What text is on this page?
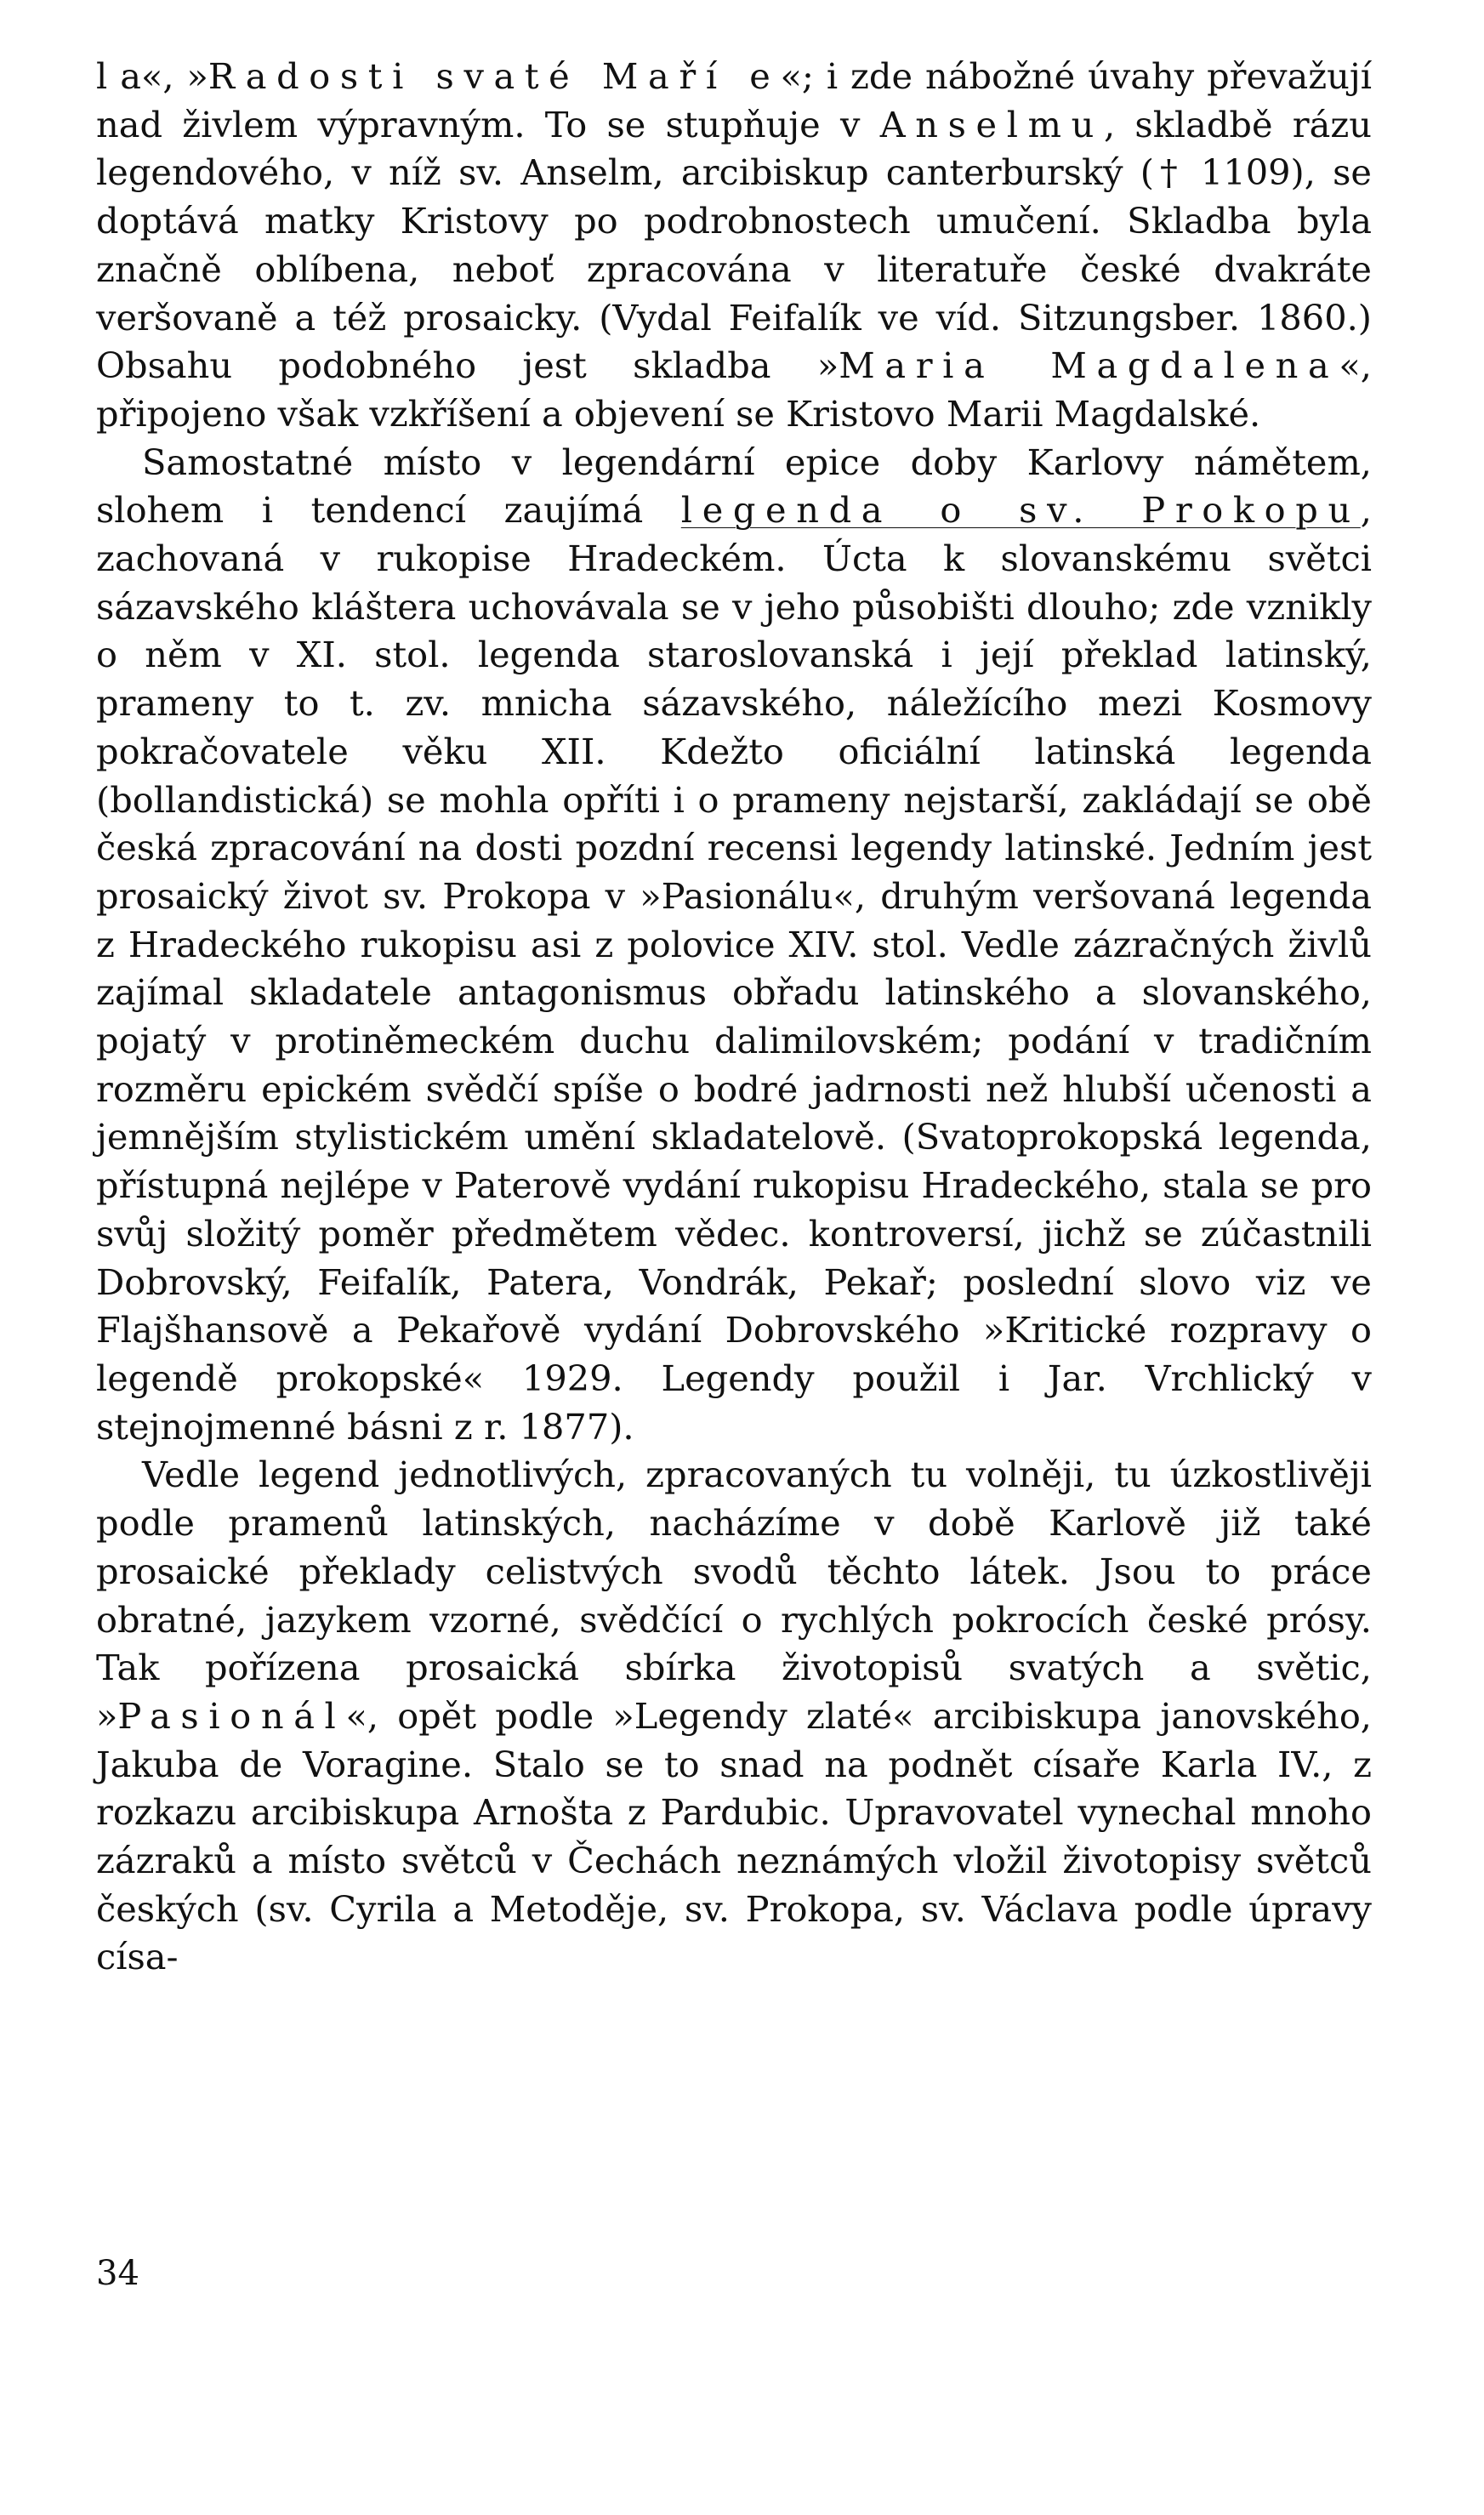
l a«, »Radosti svaté Maří e«; i zde nábožné úvahy převažují nad živlem výpravným. To se stupňuje v Anselmu, skladbě rázu legendového, v níž sv. Anselm, arcibiskup canterburský († 1109), se doptává matky Kristovy po podrobnostech umučení. Skladba byla značně oblíbena, neboť zpracována v literatuře české dvakráte veršovaně a též prosaicky. (Vydal Feifalík ve víd. Sitzungsber. 1860.) Obsahu podobného jest skladba »Maria Magdalena«, připojeno však vzkříšení a objevení se Kristovo Marii Magdalské.

Samostatné místo v legendární epice doby Karlovy námětem, slohem i tendencí zaujímá legenda o sv. Prokopu, zachovaná v rukopise Hradeckém. Úcta k slovanskému světci sázavského kláštera uchovávala se v jeho působišti dlouho; zde vznikly o něm v XI. stol. legenda staroslovanská i její překlad latinský, prameny to t. zv. mnicha sázavského, náležícího mezi Kosmovy pokračovatele věku XII. Kdežto oficiální latinská legenda (bollandistická) se mohla opříti i o prameny nejstarší, zakládají se obě česká zpracování na dosti pozdní recensi legendy latinské. Jedním jest prosaický život sv. Prokopa v »Pasionálu«, druhým veršovaná legenda z Hradeckého rukopisu asi z polovice XIV. stol. Vedle zázračných živlů zajímal skladatele antagonismus obřadu latinského a slovanského, pojatý v protiněmeckém duchu dalimilovském; podání v tradičním rozměru epickém svědčí spíše o bodré jadrnosti než hlubší učenosti a jemnějším stylistickém umění skladatelově. (Svatoprokopská legenda, přístupná nejlépe v Paterově vydání rukopisu Hradeckého, stala se pro svůj složitý poměr předmětem vědec. kontroversí, jichž se zúčastnili Dobrovský, Feifalík, Patera, Vondrák, Pekař; poslední slovo viz ve Flajšhansově a Pekařově vydání Dobrovského »Kritické rozpravy o legendě prokopské« 1929. Legendy použil i Jar. Vrchlický v stejnojmenné básni z r. 1877).

Vedle legend jednotlivých, zpracovaných tu volněji, tu úzkostlivěji podle pramenů latinských, nacházíme v době Karlově již také prosaické překlady celistvých svodů těchto látek. Jsou to práce obratné, jazykem vzorné, svědčící o rychlých pokrocích české prósy. Tak pořízena prosaická sbírka životopisů svatých a světic, »Pasionál«, opět podle »Legendy zlaté« arcibiskupa janovského, Jakuba de Voragine. Stalo se to snad na podnět císaře Karla IV., z rozkazu arcibiskupa Arnošta z Pardubic. Upravovatel vynechal mnoho zázraků a místo světců v Čechách neznámých vložil životopisy světců českých (sv. Cyrila a Metoděje, sv. Prokopa, sv. Václava podle úpravy císa-

34
